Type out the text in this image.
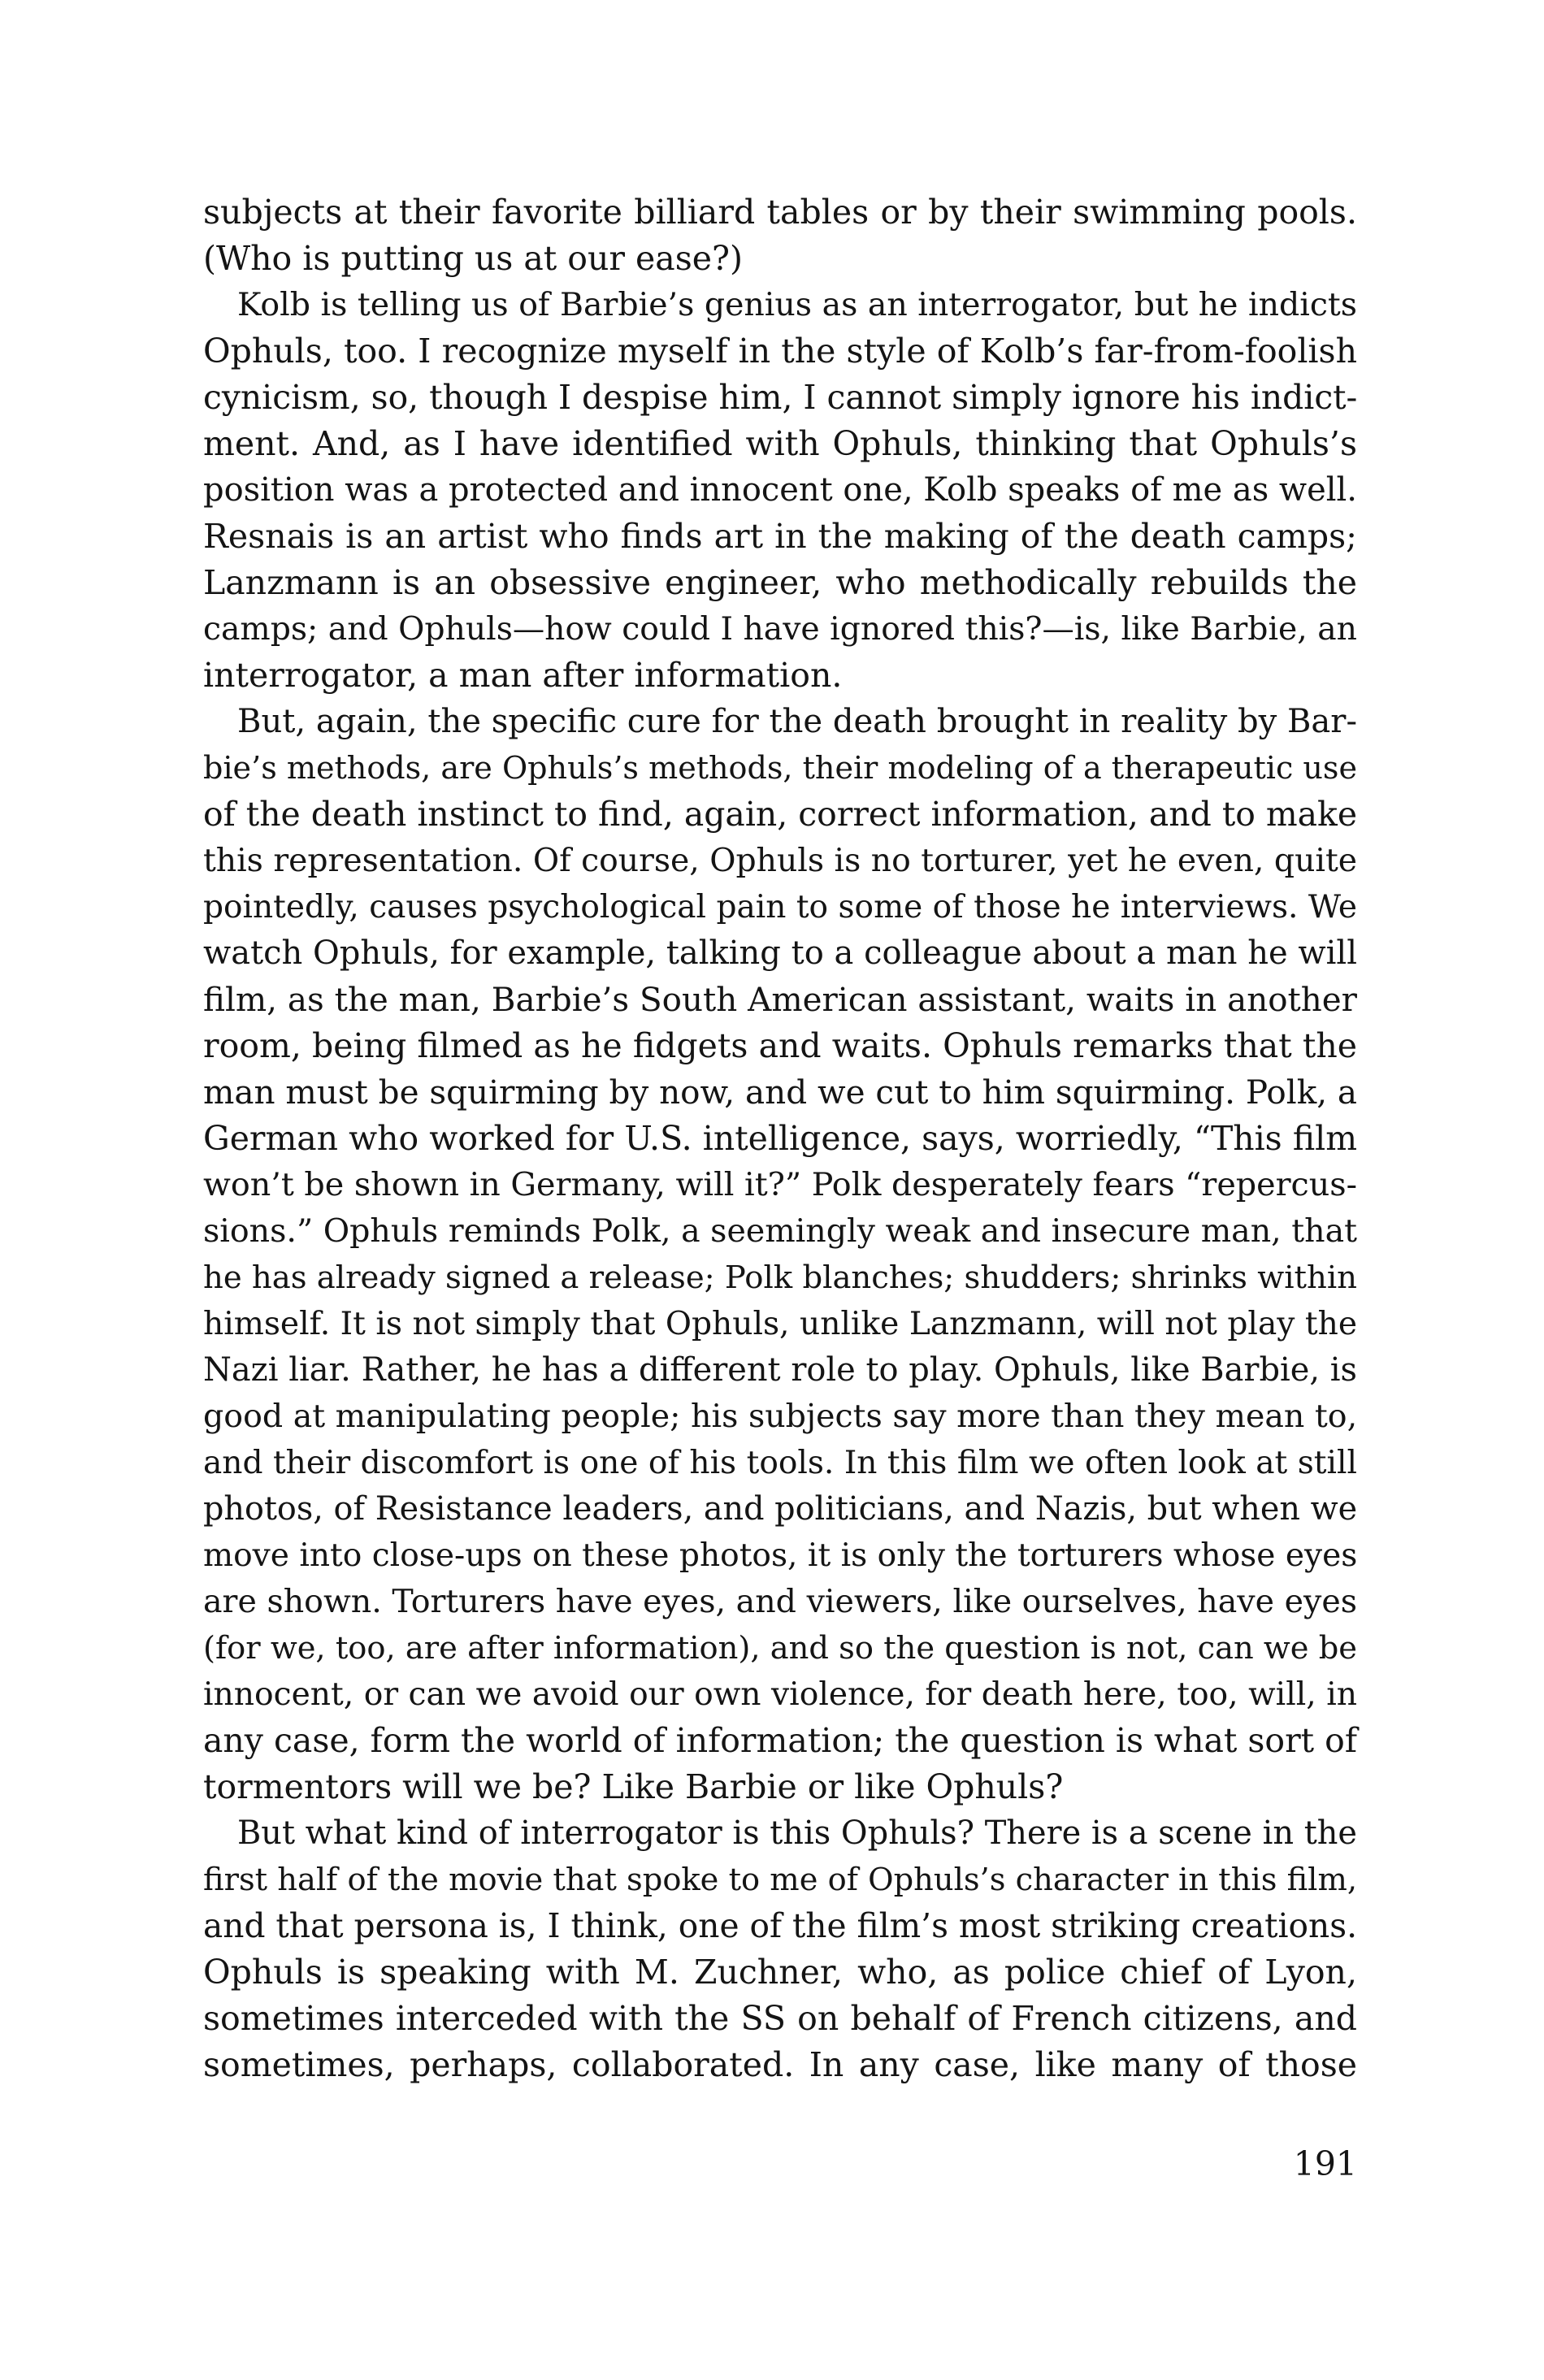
subjects at their favorite billiard tables or by their swimming pools.
(Who is putting us at our ease?)
Kolb is telling us of Barbie’s genius as an interrogator, but he indicts
Ophuls, too. I recognize myself in the style of Kolb’s far-from-foolish
cynicism, so, though I despise him, I cannot simply ignore his indict-
ment. And, as I have identified with Ophuls, thinking that Ophuls’s
position was a protected and innocent one, Kolb speaks of me as well.
Resnais is an artist who finds art in the making of the death camps;
Lanzmann is an obsessive engineer, who methodically rebuilds the
camps; and Ophuls—how could I have ignored this?—is, like Barbie, an
interrogator, a man after information.
But, again, the specific cure for the death brought in reality by Bar-
bie’s methods, are Ophuls’s methods, their modeling of a therapeutic use
of the death instinct to find, again, correct information, and to make
this representation. Of course, Ophuls is no torturer, yet he even, quite
pointedly, causes psychological pain to some of those he interviews. We
watch Ophuls, for example, talking to a colleague about a man he will
film, as the man, Barbie’s South American assistant, waits in another
room, being filmed as he fidgets and waits. Ophuls remarks that the
man must be squirming by now, and we cut to him squirming. Polk, a
German who worked for U.S. intelligence, says, worriedly, “This film
won’t be shown in Germany, will it?” Polk desperately fears “repercus-
sions.” Ophuls reminds Polk, a seemingly weak and insecure man, that
he has already signed a release; Polk blanches; shudders; shrinks within
himself. It is not simply that Ophuls, unlike Lanzmann, will not play the
Nazi liar. Rather, he has a different role to play. Ophuls, like Barbie, is
good at manipulating people; his subjects say more than they mean to,
and their discomfort is one of his tools. In this film we often look at still
photos, of Resistance leaders, and politicians, and Nazis, but when we
move into close-ups on these photos, it is only the torturers whose eyes
are shown. Torturers have eyes, and viewers, like ourselves, have eyes
(for we, too, are after information), and so the question is not, can we be
innocent, or can we avoid our own violence, for death here, too, will, in
any case, form the world of information; the question is what sort of
tormentors will we be? Like Barbie or like Ophuls?
But what kind of interrogator is this Ophuls? There is a scene in the
first half of the movie that spoke to me of Ophuls’s character in this film,
and that persona is, I think, one of the film’s most striking creations.
Ophuls is speaking with M. Zuchner, who, as police chief of Lyon,
sometimes interceded with the SS on behalf of French citizens, and
sometimes, perhaps, collaborated. In any case, like many of those
191
